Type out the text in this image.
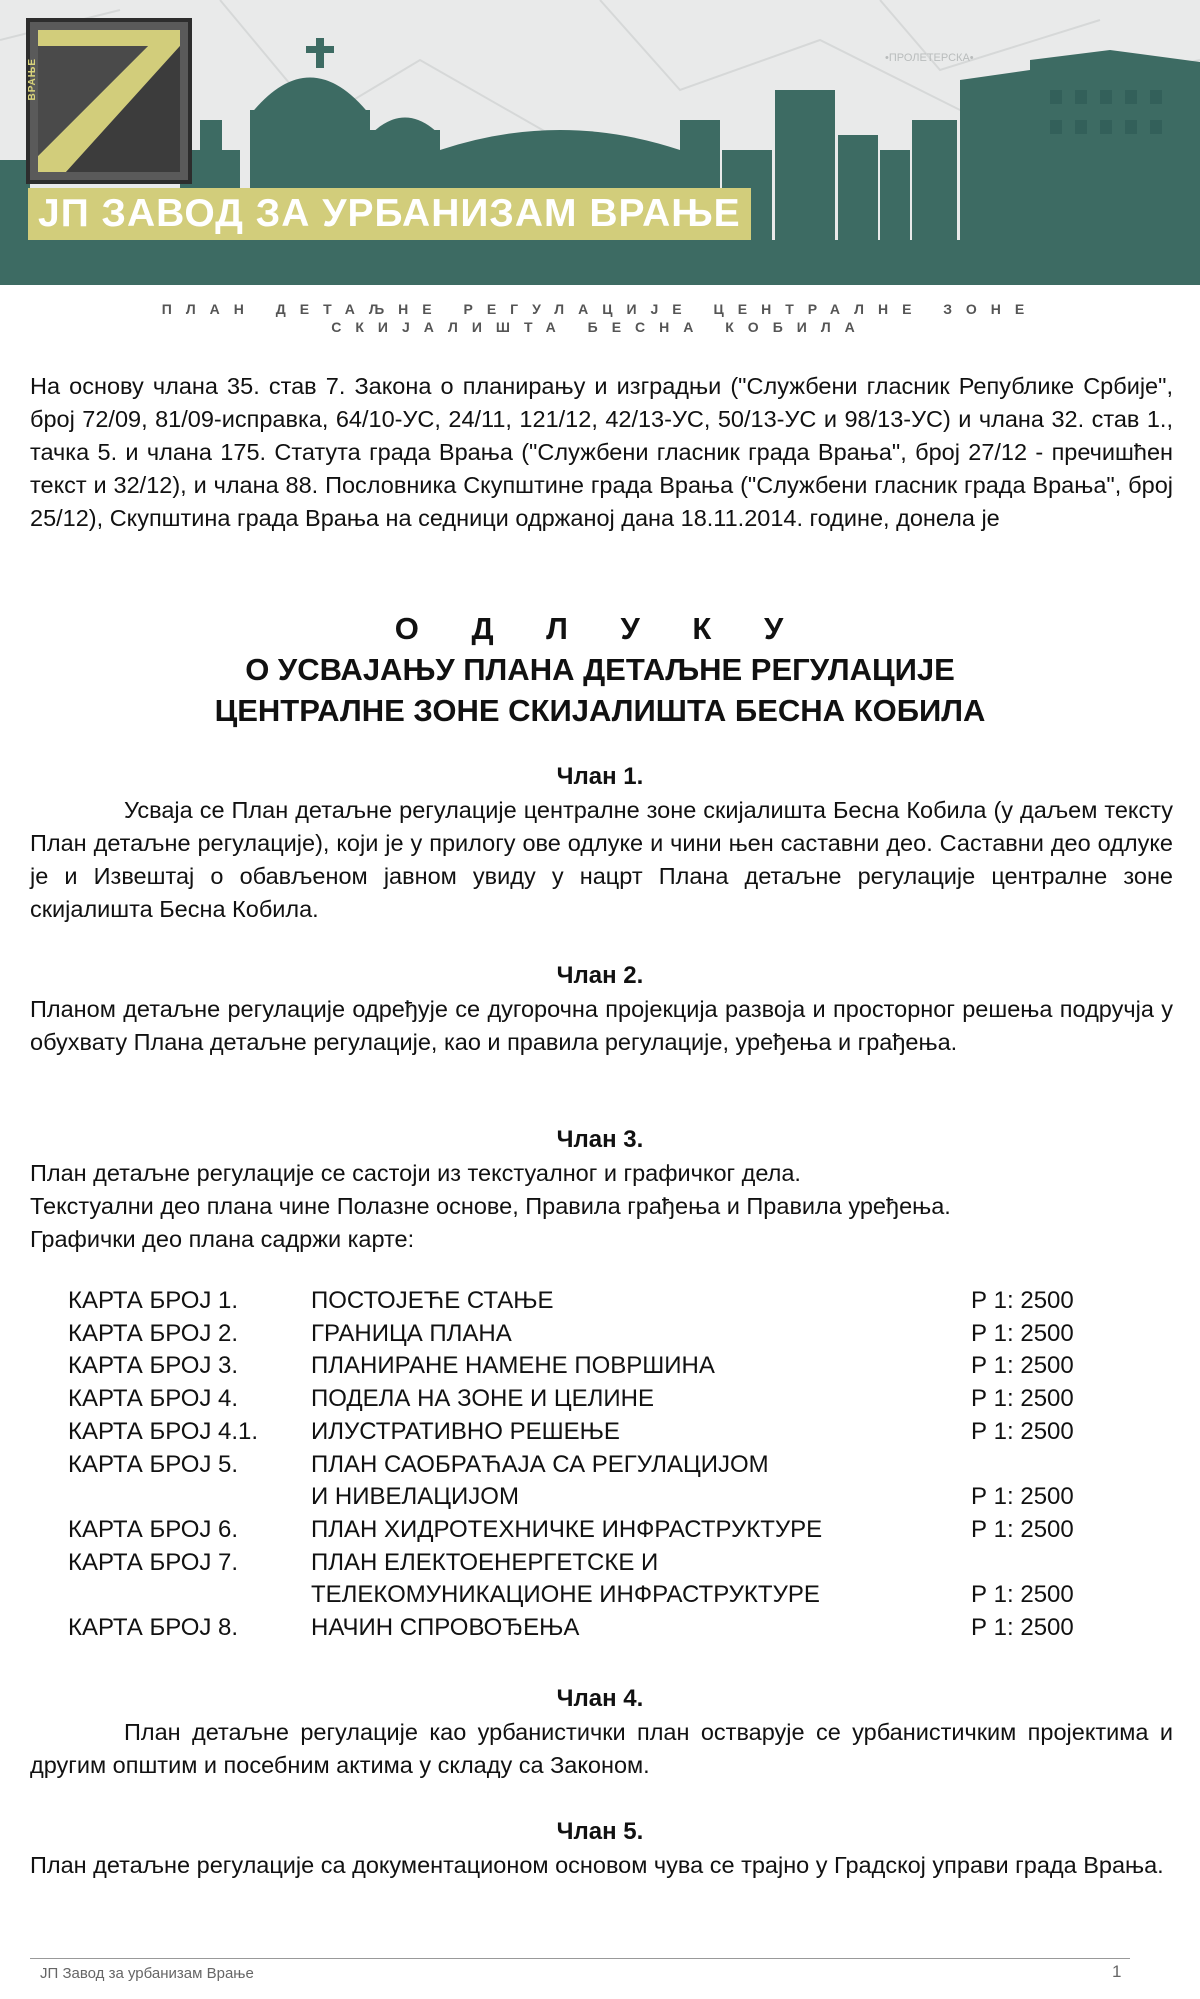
ВРАЊЕ	•ПРОЛЕТЕРСКА•
ЈП ЗАВОД ЗА УРБАНИЗАМ ВРАЊЕ
ПЛАН ДЕТАЉНЕ РЕГУЛАЦИЈЕ ЦЕНТРАЛНЕ ЗОНЕ
СКИЈАЛИШТА БЕСНА КОБИЛА
На основу члана 35. став 7. Закона о планирању и изградњи ("Службени гласник Републике Србије", број 72/09, 81/09-исправка, 64/10-УС, 24/11, 121/12, 42/13-УС, 50/13-УС и 98/13-УС) и члана 32. став 1., тачка 5. и члана 175. Статута града Врања ("Службени гласник града Врања", број 27/12 - пречишћен текст и 32/12), и члана 88. Пословника Скупштине града Врања ("Службени гласник града Врања", број 25/12), Скупштина града Врања на седници одржаној дана 18.11.2014. године, донела је
О Д Л У К У
О УСВАЈАЊУ ПЛАНА ДЕТАЉНЕ РЕГУЛАЦИЈЕ
ЦЕНТРАЛНЕ ЗОНЕ СКИЈАЛИШТА БЕСНА КОБИЛА
Члан 1.
Усваја се План детаљне регулације централне зоне скијалишта Бесна Кобила (у даљем тексту План детаљне регулације), који је у прилогу ове одлуке и чини њен саставни део. Саставни део одлуке је и Извештај о обављеном јавном увиду у нацрт Плана детаљне регулације централне зоне скијалишта Бесна Кобила.
Члан 2.
Планом детаљне регулације одређује се дугорочна пројекција развоја и просторног решења подручја у обухвату Плана детаљне регулације, као и правила регулације, уређења и грађења.
Члан 3.
План детаљне регулације се састоји из текстуалног и графичког дела.
Текстуални део плана чине Полазне основе, Правила грађења и Правила уређења.
Графички део плана садржи карте:
КАРТА БРОЈ 1.	ПОСТОЈЕЋЕ СТАЊЕ	Р 1: 2500
КАРТА БРОЈ 2.	ГРАНИЦА ПЛАНА	Р 1: 2500
КАРТА БРОЈ 3.	ПЛАНИРАНЕ НАМЕНЕ ПОВРШИНА	Р 1: 2500
КАРТА БРОЈ 4.	ПОДЕЛА НА ЗОНЕ И ЦЕЛИНЕ	Р 1: 2500
КАРТА БРОЈ 4.1.	ИЛУСТРАТИВНО РЕШЕЊЕ	Р 1: 2500
КАРТА БРОЈ 5.	ПЛАН САОБРАЋАЈА СА РЕГУЛАЦИЈОМ
И НИВЕЛАЦИЈОМ	Р 1: 2500
КАРТА БРОЈ 6.	ПЛАН ХИДРОТЕХНИЧКЕ ИНФРАСТРУКТУРЕ	Р 1: 2500
КАРТА БРОЈ 7.	ПЛАН ЕЛЕКТОЕНЕРГЕТСКЕ И
ТЕЛЕКОМУНИКАЦИОНЕ ИНФРАСТРУКТУРЕ	Р 1: 2500
КАРТА БРОЈ 8.	НАЧИН СПРОВОЂЕЊА	Р 1: 2500
Члан 4.
План детаљне регулације као урбанистички план остварује се урбанистичким пројектима и другим општим и посебним актима у складу са Законом.
Члан 5.
План детаљне регулације са документационом основом чува се трајно у Градској управи града Врања.
ЈП Завод за урбанизам Врање	1
